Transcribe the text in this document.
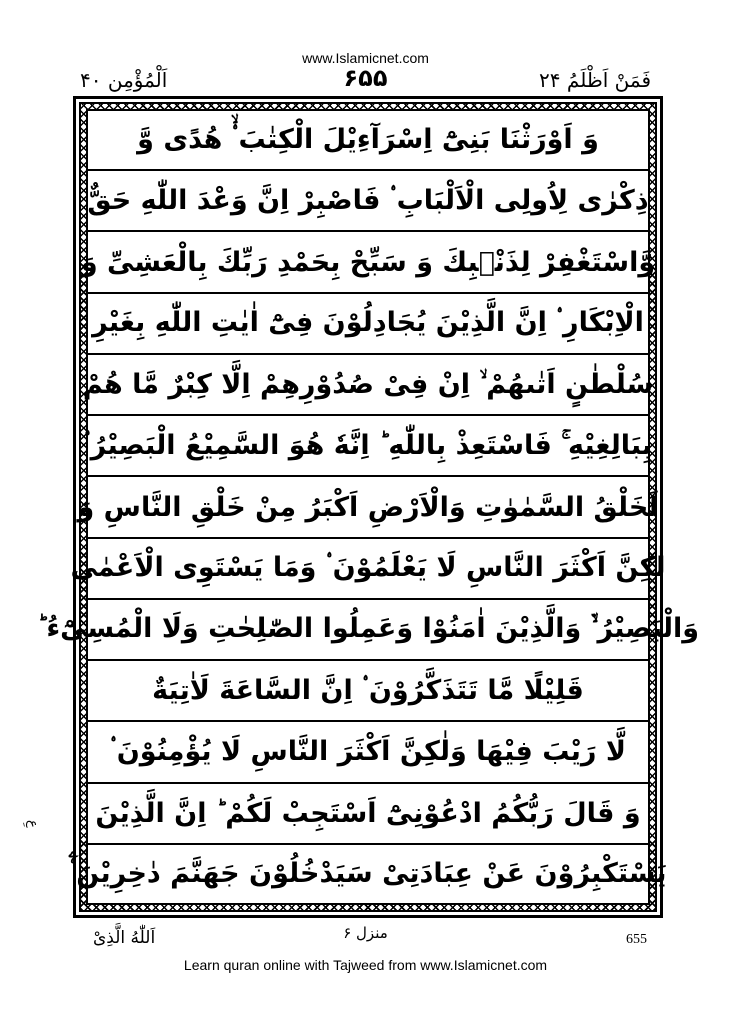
www.Islamicnet.com
اَلْمُؤْمِن ۴۰	۶۵۵	فَمَنْ اَظْلَمُ ۲۴
وَ اَوْرَثْنَا بَنِیْٓ اِسْرَآءِیْلَ الْكِتٰبَ ۟ۙ ھُدًی وَّ
ذِكْرٰی لِاُولِی الْاَلْبَابِ ۟ فَاصْبِرْ اِنَّ وَعْدَ اللّٰهِ حَقٌّ
وَّاسْتَغْفِرْ لِذَنْۢبِكَ وَ سَبِّحْ بِحَمْدِ رَبِّكَ بِالْعَشِیِّ وَ
الْاِبْكَارِ ۟ اِنَّ الَّذِیْنَ یُجَادِلُوْنَ فِیْٓ اٰیٰتِ اللّٰهِ بِغَیْرِ
سُلْطٰنٍ اَتٰىهُمْ ۙ اِنْ فِیْ صُدُوْرِهِمْ اِلَّا كِبْرٌ مَّا هُمْ
بِبَالِغِیْهِ ۚ فَاسْتَعِذْ بِاللّٰهِ ؕ اِنَّهٗ هُوَ السَّمِیْعُ الْبَصِیْرُ ۟
لَخَلْقُ السَّمٰوٰتِ وَالْاَرْضِ اَكْبَرُ مِنْ خَلْقِ النَّاسِ وَ
لٰكِنَّ اَكْثَرَ النَّاسِ لَا یَعْلَمُوْنَ ۟ وَمَا یَسْتَوِی الْاَعْمٰی
وَالْبَصِیْرُ ۙ۬ وَالَّذِیْنَ اٰمَنُوْا وَعَمِلُوا الصّٰلِحٰتِ وَلَا الْمُسِیْٓءُ ؕ
قَلِیْلًا مَّا تَتَذَكَّرُوْنَ ۟ اِنَّ السَّاعَةَ لَاٰتِیَةٌ
لَّا رَیْبَ فِیْهَا وَلٰكِنَّ اَكْثَرَ النَّاسِ لَا یُؤْمِنُوْنَ ۟
وَ قَالَ رَبُّكُمُ ادْعُوْنِیْٓ اَسْتَجِبْ لَكُمْ ؕ اِنَّ الَّذِیْنَ
یَسْتَكْبِرُوْنَ عَنْ عِبَادَتِیْ سَیَدْخُلُوْنَ جَهَنَّمَ دٰخِرِیْنَ ۟ۧ
عِ
اَللّٰهُ الَّذِیْ	منزل ۶	655
Learn quran online with Tajweed from www.Islamicnet.com
